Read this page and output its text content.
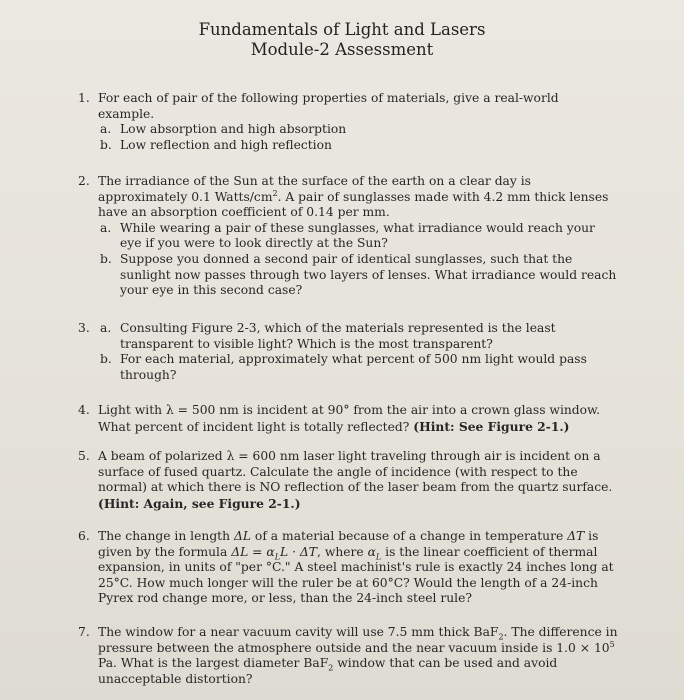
Fundamentals of Light and Lasers
Module-2 Assessment
1. For each of pair of the following properties of materials, give a real-world example.
a. Low absorption and high absorption
b. Low reflection and high reflection
2. The irradiance of the Sun at the surface of the earth on a clear day is approximately 0.1 Watts/$cm^2$. A pair of sunglasses made with 4.2 mm thick lenses have an absorption coefficient of 0.14 per mm.
a. While wearing a pair of these sunglasses, what irradiance would reach your eye if you were to look directly at the Sun?
b. Suppose you donned a second pair of identical sunglasses, such that the sunlight now passes through two layers of lenses. What irradiance would reach your eye in this second case?
3. a. Consulting Figure 2-3, which of the materials represented is the least transparent to visible light? Which is the most transparent?
b. For each material, approximately what percent of 500 nm light would pass through?
4. Light with λ = 500 nm is incident at 90° from the air into a crown glass window. What percent of incident light is totally reflected? (Hint: See Figure 2-1.)
5. A beam of polarized λ = 600 nm laser light traveling through air is incident on a surface of fused quartz. Calculate the angle of incidence (with respect to the normal) at which there is NO reflection of the laser beam from the quartz surface. (Hint: Again, see Figure 2-1.)
6. The change in length ΔL of a material because of a change in temperature ΔT is given by the formula $\Delta L = \alpha_LL \cdot \Delta T$, where $\alpha_L$ is the linear coefficient of thermal expansion, in units of "per °C." A steel machinist's rule is exactly 24 inches long at 25°C. How much longer will the ruler be at 60°C? Would the length of a 24-inch Pyrex rod change more, or less, than the 24-inch steel rule?
7. The window for a near vacuum cavity will use 7.5 mm thick BaF$_2$. The difference in pressure between the atmosphere outside and the near vacuum inside is $1.0 \times 10^5$ Pa. What is the largest diameter BaF$_2$ window that can be used and avoid unacceptable distortion?
